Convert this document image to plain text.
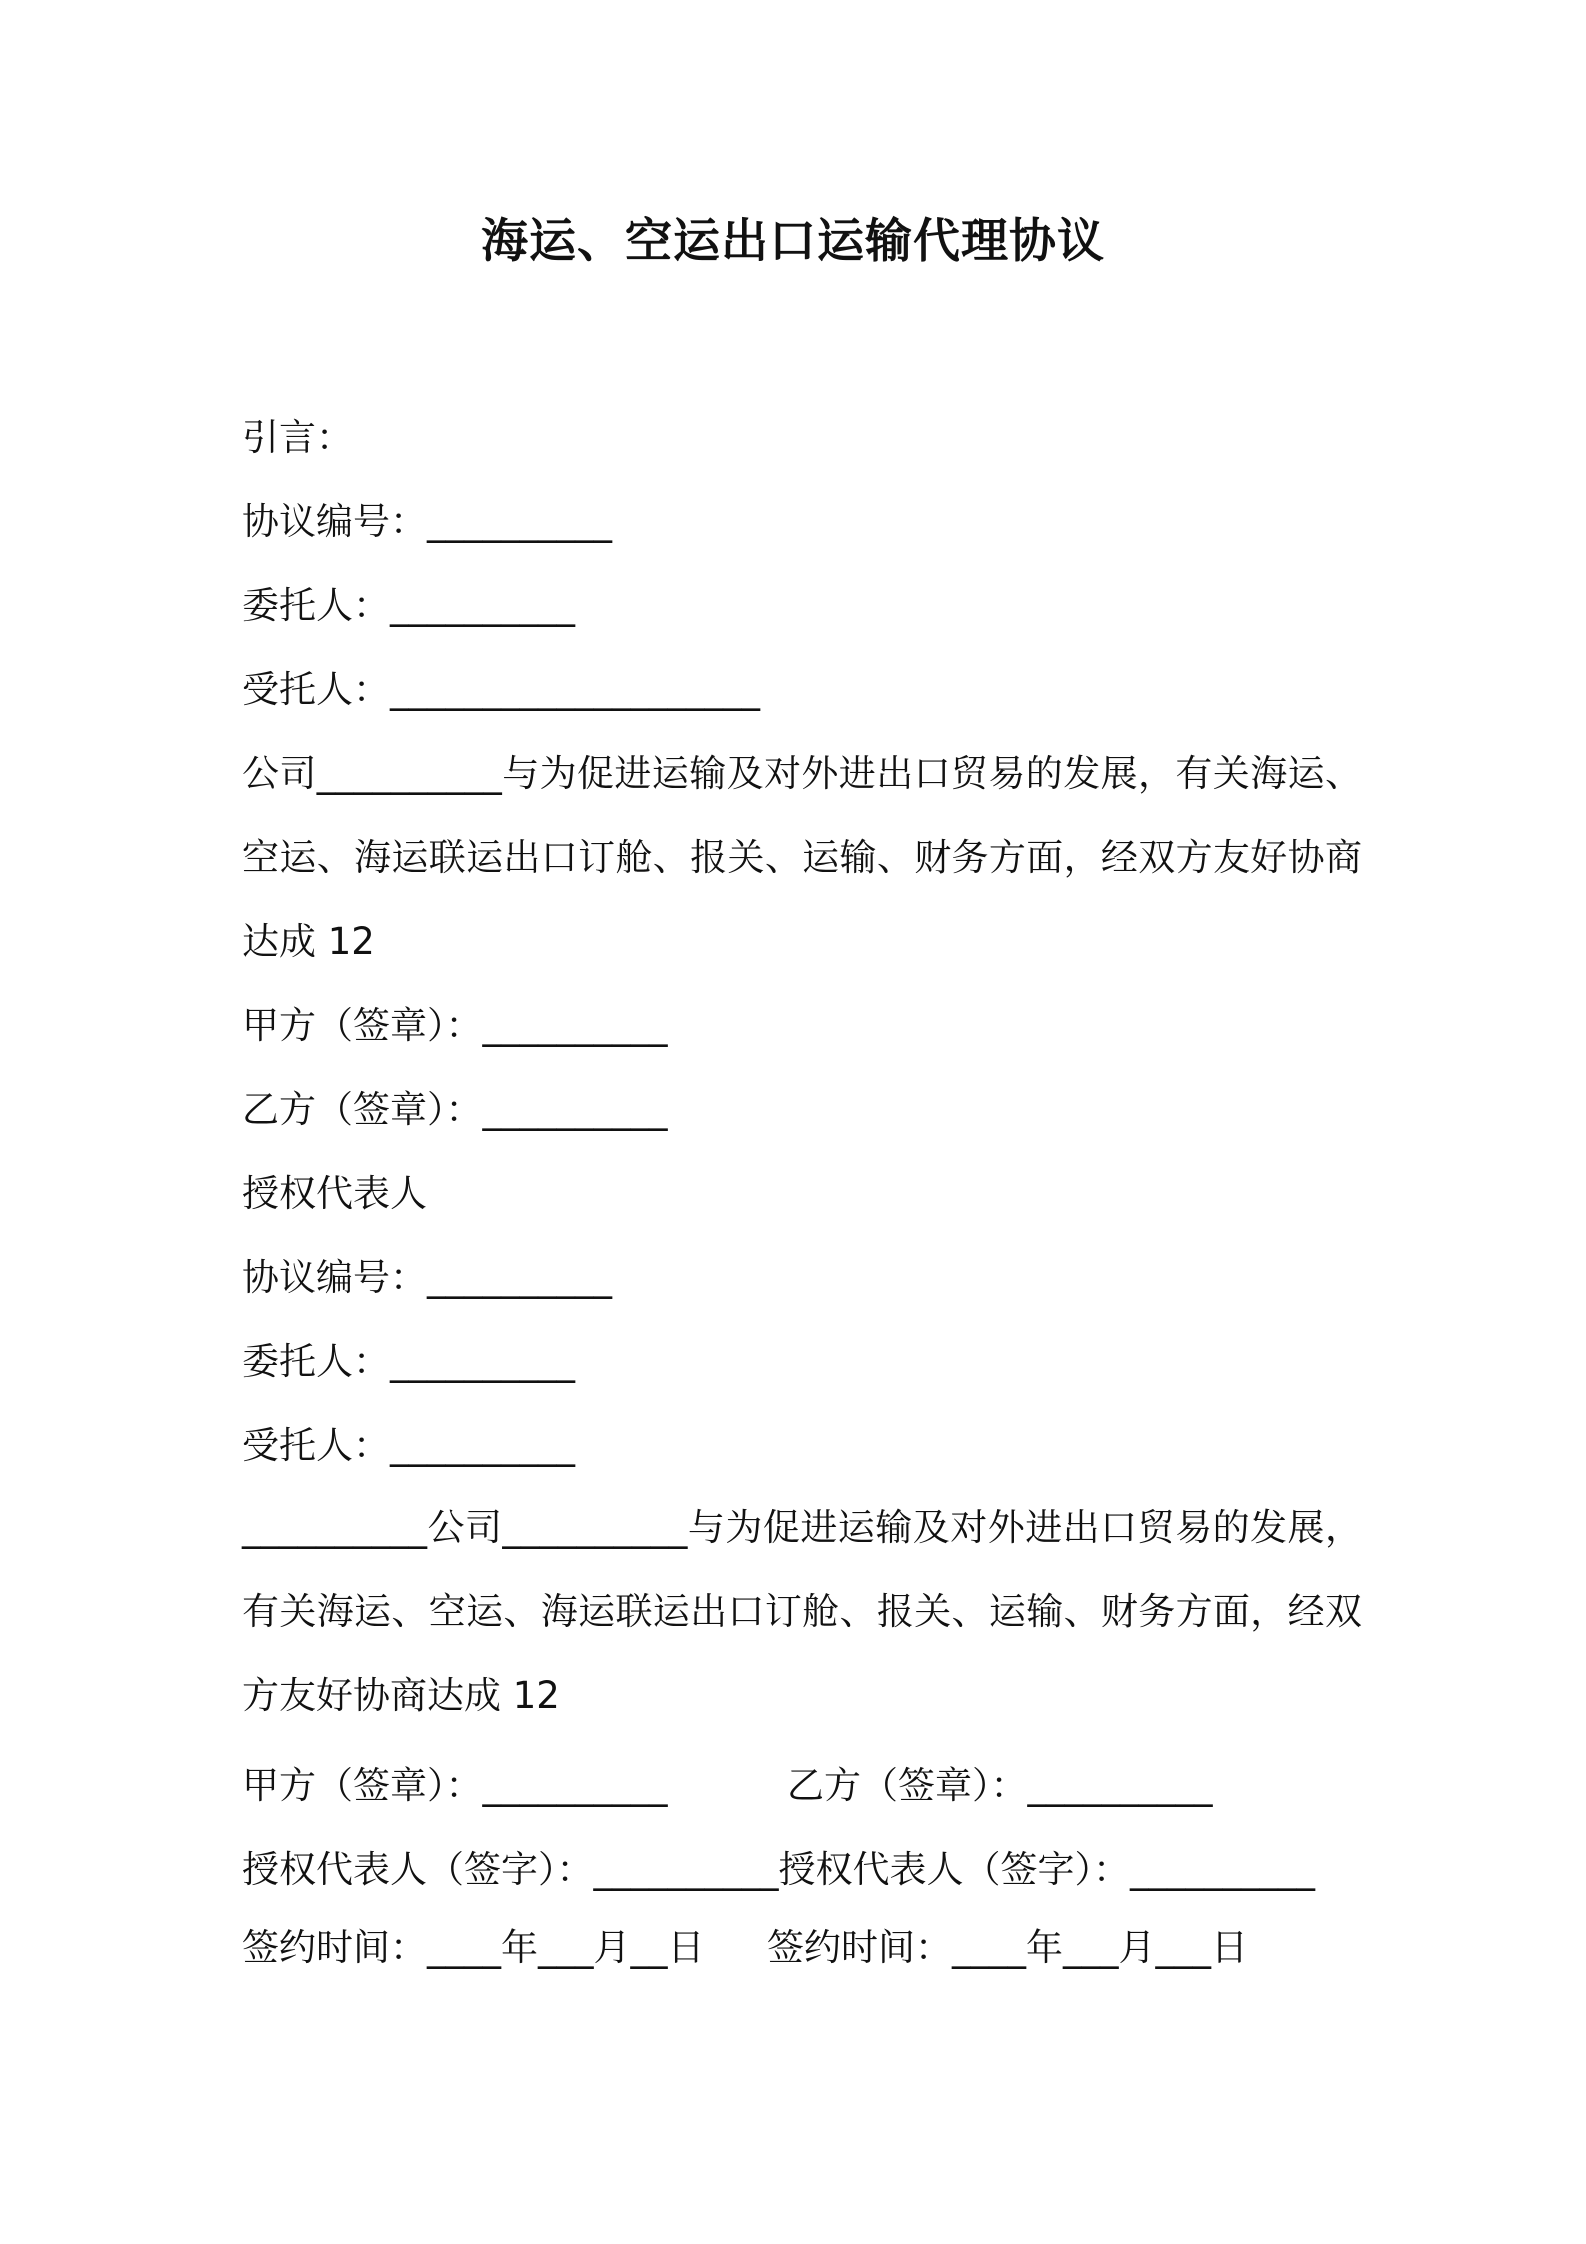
海运、空运出口运输代理协议
引言：
协议编号：__________
委托人：__________
受托人：____________________
公司__________与为促进运输及对外进出口贸易的发展，有关海运、空运、海运联运出口订舱、报关、运输、财务方面，经双方友好协商达成 12
甲方（签章）：__________
乙方（签章）：__________
授权代表人
协议编号：__________
委托人：__________
受托人：__________
__________公司__________与为促进运输及对外进出口贸易的发展，有关海运、空运、海运联运出口订舱、报关、运输、财务方面，经双方友好协商达成 12
甲方（签章）：__________	乙方（签章）：__________
授权代表人（签字）：__________ 授权代表人（签字）：__________
签约时间：____年___月__日	签约时间：____年___月___日
